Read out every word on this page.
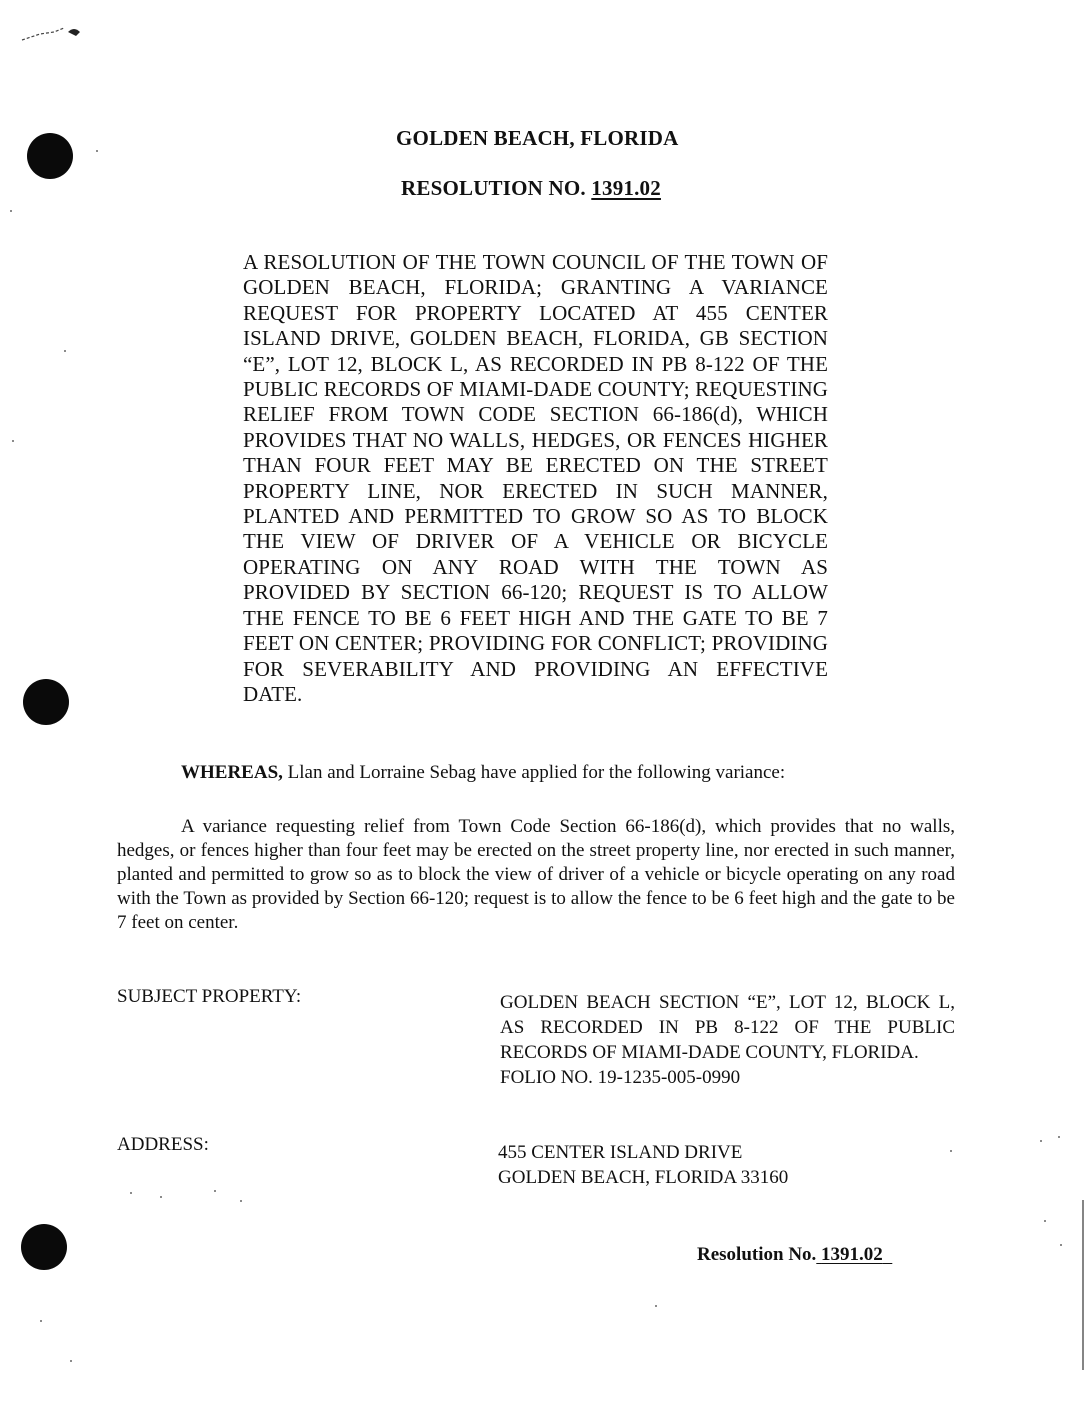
GOLDEN BEACH, FLORIDA
RESOLUTION NO. 1391.02
A RESOLUTION OF THE TOWN COUNCIL OF THE TOWN OF GOLDEN BEACH, FLORIDA; GRANTING A VARIANCE REQUEST FOR PROPERTY LOCATED AT 455 CENTER ISLAND DRIVE, GOLDEN BEACH, FLORIDA, GB SECTION “E”, LOT 12, BLOCK L, AS RECORDED IN PB 8-122 OF THE PUBLIC RECORDS OF MIAMI-DADE COUNTY; REQUESTING RELIEF FROM TOWN CODE SECTION 66-186(d), WHICH PROVIDES THAT NO WALLS, HEDGES, OR FENCES HIGHER THAN FOUR FEET MAY BE ERECTED ON THE STREET PROPERTY LINE, NOR ERECTED IN SUCH MANNER, PLANTED AND PERMITTED TO GROW SO AS TO BLOCK THE VIEW OF DRIVER OF A VEHICLE OR BICYCLE OPERATING ON ANY ROAD WITH THE TOWN AS PROVIDED BY SECTION 66-120; REQUEST IS TO ALLOW THE FENCE TO BE 6 FEET HIGH AND THE GATE TO BE 7 FEET ON CENTER; PROVIDING FOR CONFLICT; PROVIDING FOR SEVERABILITY AND PROVIDING AN EFFECTIVE DATE.
WHEREAS, Llan and Lorraine Sebag have applied for the following variance:
A variance requesting relief from Town Code Section 66-186(d), which provides that no walls, hedges, or fences higher than four feet may be erected on the street property line, nor erected in such manner, planted and permitted to grow so as to block the view of driver of a vehicle or bicycle operating on any road with the Town as provided by Section 66-120; request is to allow the fence to be 6 feet high and the gate to be 7 feet on center.
SUBJECT PROPERTY:	GOLDEN BEACH SECTION “E”, LOT 12, BLOCK L, AS RECORDED IN PB 8-122 OF THE PUBLIC RECORDS OF MIAMI-DADE COUNTY, FLORIDA.
FOLIO NO. 19-1235-005-0990
ADDRESS:	455 CENTER ISLAND DRIVE
GOLDEN BEACH, FLORIDA 33160
Resolution No. 1391.02
